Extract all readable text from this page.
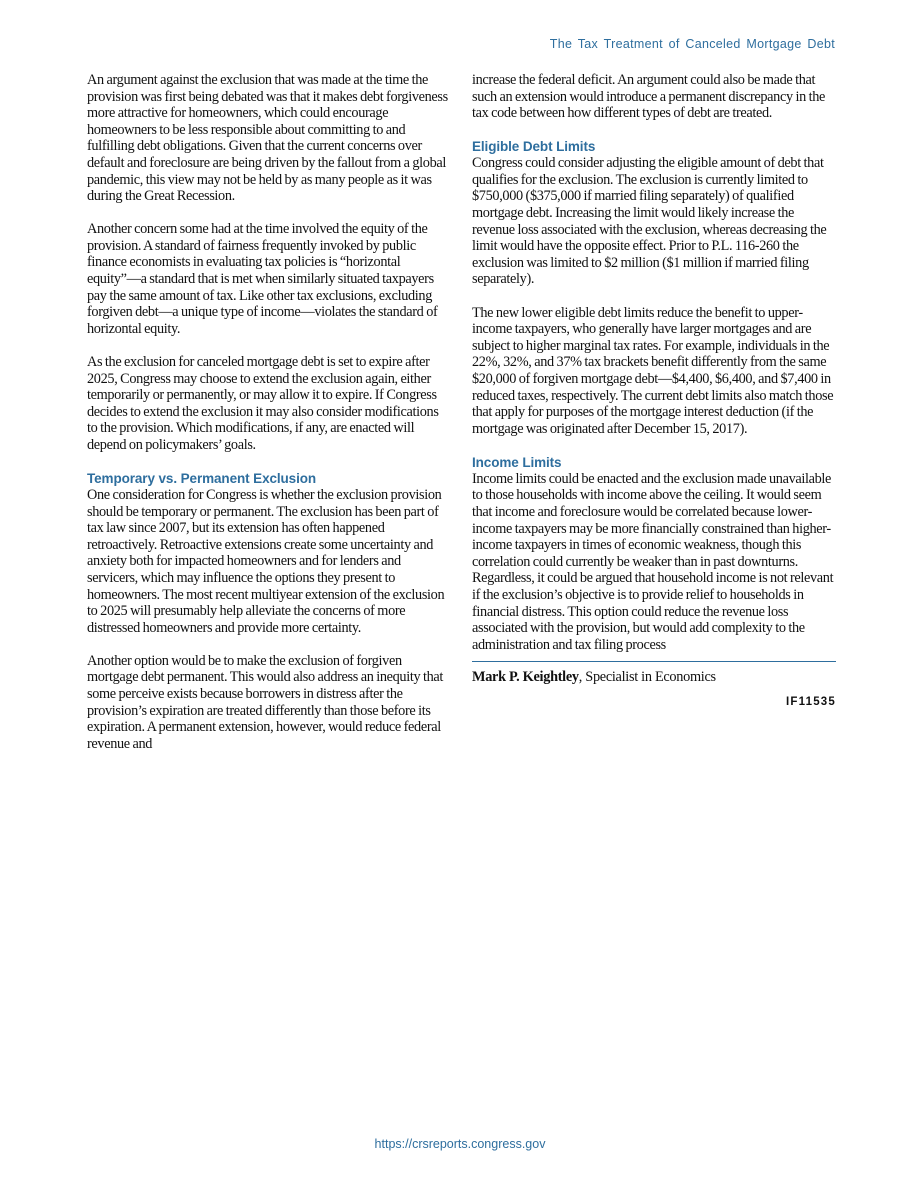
The Tax Treatment of Canceled Mortgage Debt

An argument against the exclusion that was made at the time the provision was first being debated was that it makes debt forgiveness more attractive for homeowners, which could encourage homeowners to be less responsible about committing to and fulfilling debt obligations. Given that the current concerns over default and foreclosure are being driven by the fallout from a global pandemic, this view may not be held by as many people as it was during the Great Recession.

Another concern some had at the time involved the equity of the provision. A standard of fairness frequently invoked by public finance economists in evaluating tax policies is “horizontal equity”—a standard that is met when similarly situated taxpayers pay the same amount of tax. Like other tax exclusions, excluding forgiven debt—a unique type of income—violates the standard of horizontal equity.

As the exclusion for canceled mortgage debt is set to expire after 2025, Congress may choose to extend the exclusion again, either temporarily or permanently, or may allow it to expire. If Congress decides to extend the exclusion it may also consider modifications to the provision. Which modifications, if any, are enacted will depend on policymakers’ goals.

Temporary vs. Permanent Exclusion

One consideration for Congress is whether the exclusion provision should be temporary or permanent. The exclusion has been part of tax law since 2007, but its extension has often happened retroactively. Retroactive extensions create some uncertainty and anxiety both for impacted homeowners and for lenders and servicers, which may influence the options they present to homeowners. The most recent multiyear extension of the exclusion to 2025 will presumably help alleviate the concerns of more distressed homeowners and provide more certainty.

Another option would be to make the exclusion of forgiven mortgage debt permanent. This would also address an inequity that some perceive exists because borrowers in distress after the provision’s expiration are treated differently than those before its expiration. A permanent extension, however, would reduce federal revenue and

increase the federal deficit. An argument could also be made that such an extension would introduce a permanent discrepancy in the tax code between how different types of debt are treated.

Eligible Debt Limits

Congress could consider adjusting the eligible amount of debt that qualifies for the exclusion. The exclusion is currently limited to $750,000 ($375,000 if married filing separately) of qualified mortgage debt. Increasing the limit would likely increase the revenue loss associated with the exclusion, whereas decreasing the limit would have the opposite effect. Prior to P.L. 116-260 the exclusion was limited to $2 million ($1 million if married filing separately).

The new lower eligible debt limits reduce the benefit to upper-income taxpayers, who generally have larger mortgages and are subject to higher marginal tax rates. For example, individuals in the 22%, 32%, and 37% tax brackets benefit differently from the same $20,000 of forgiven mortgage debt—$4,400, $6,400, and $7,400 in reduced taxes, respectively. The current debt limits also match those that apply for purposes of the mortgage interest deduction (if the mortgage was originated after December 15, 2017).

Income Limits

Income limits could be enacted and the exclusion made unavailable to those households with income above the ceiling. It would seem that income and foreclosure would be correlated because lower-income taxpayers may be more financially constrained than higher-income taxpayers in times of economic weakness, though this correlation could currently be weaker than in past downturns. Regardless, it could be argued that household income is not relevant if the exclusion’s objective is to provide relief to households in financial distress. This option could reduce the revenue loss associated with the provision, but would add complexity to the administration and tax filing process

Mark P. Keightley, Specialist in Economics
IF11535
https://crsreports.congress.gov
